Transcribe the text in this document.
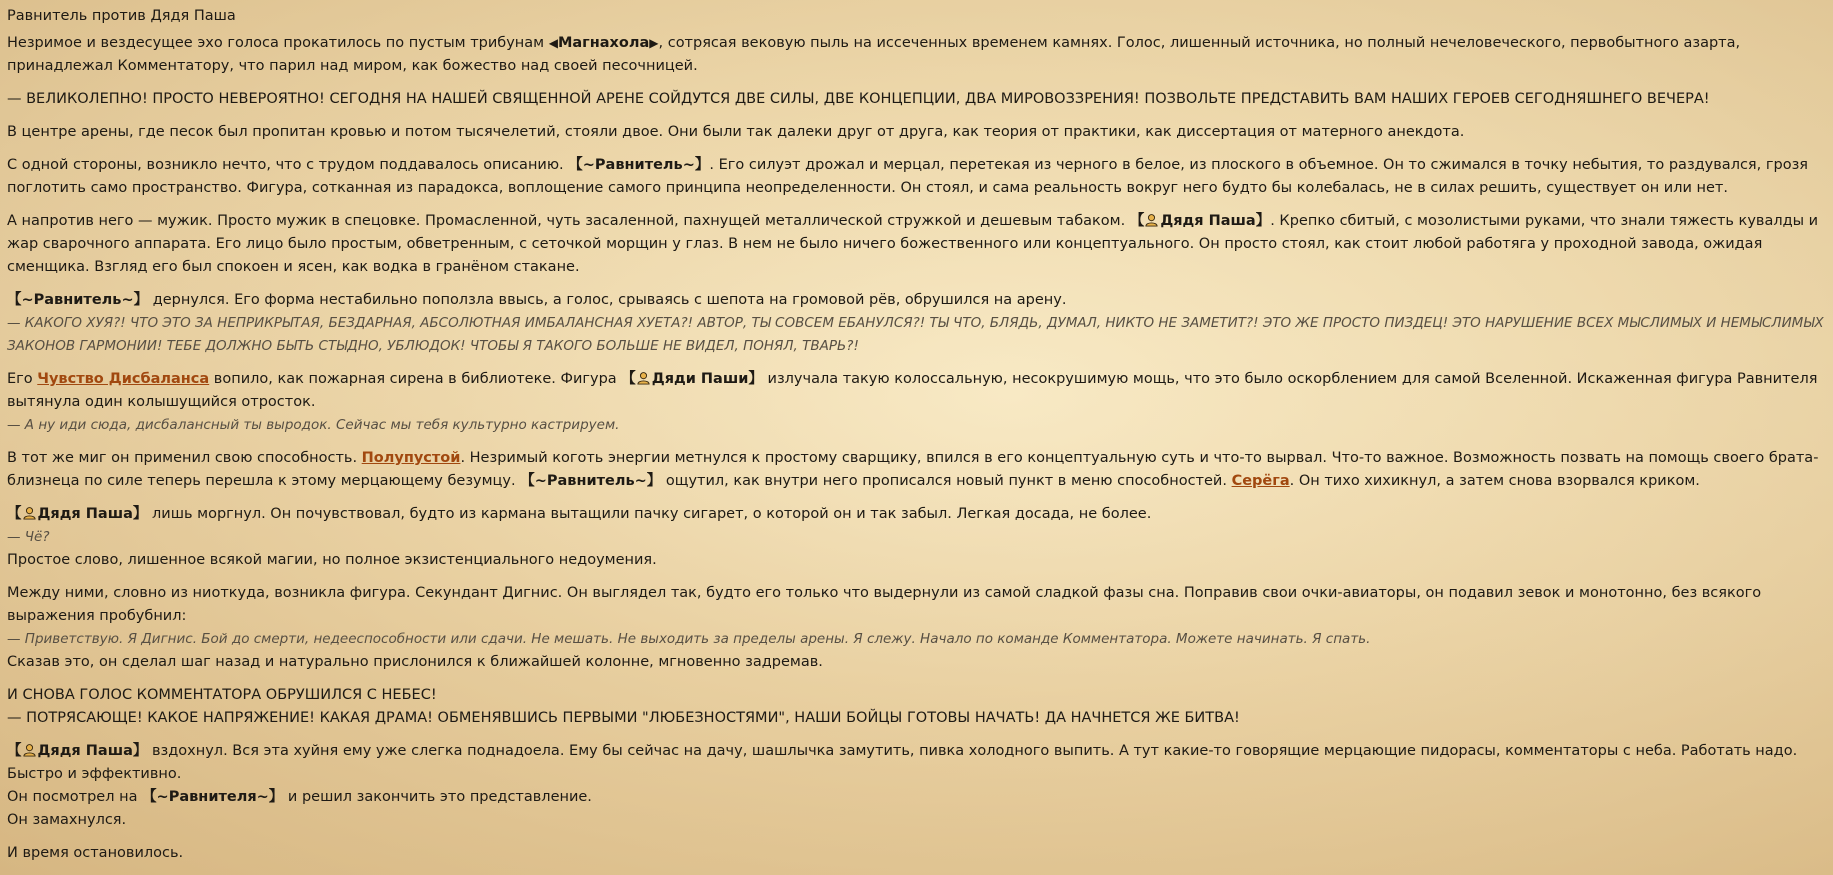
Равнитель против Дядя Паша

Незримое и вездесущее эхо голоса прокатилось по пустым трибунам ◀Магнахола▶, сотрясая вековую пыль на иссеченных временем камнях. Голос, лишенный источника, но полный нечеловеческого, первобытного азарта, принадлежал Комментатору, что парил над миром, как божество над своей песочницей.

— ВЕЛИКОЛЕПНО! ПРОСТО НЕВЕРОЯТНО! СЕГОДНЯ НА НАШЕЙ СВЯЩЕННОЙ АРЕНЕ СОЙДУТСЯ ДВЕ СИЛЫ, ДВЕ КОНЦЕПЦИИ, ДВА МИРОВОЗЗРЕНИЯ! ПОЗВОЛЬТЕ ПРЕДСТАВИТЬ ВАМ НАШИХ ГЕРОЕВ СЕГОДНЯШНЕГО ВЕЧЕРА!

В центре арены, где песок был пропитан кровью и потом тысячелетий, стояли двое. Они были так далеки друг от друга, как теория от практики, как диссертация от матерного анекдота.

С одной стороны, возникло нечто, что с трудом поддавалось описанию. 【~Равнитель~】. Его силуэт дрожал и мерцал, перетекая из черного в белое, из плоского в объемное. Он то сжимался в точку небытия, то раздувался, грозя поглотить само пространство. Фигура, сотканная из парадокса, воплощение самого принципа неопределенности. Он стоял, и сама реальность вокруг него будто бы колебалась, не в силах решить, существует он или нет.

А напротив него — мужик. Просто мужик в спецовке. Промасленной, чуть засаленной, пахнущей металлической стружкой и дешевым табаком. 【 Дядя Паша】. Крепко сбитый, с мозолистыми руками, что знали тяжесть кувалды и жар сварочного аппарата. Его лицо было простым, обветренным, с сеточкой морщин у глаз. В нем не было ничего божественного или концептуального. Он просто стоял, как стоит любой работяга у проходной завода, ожидая сменщика. Взгляд его был спокоен и ясен, как водка в гранёном стакане.

【~Равнитель~】 дернулся. Его форма нестабильно поползла ввысь, а голос, срываясь с шепота на громовой рёв, обрушился на арену.

— КАКОГО ХУЯ?! ЧТО ЭТО ЗА НЕПРИКРЫТАЯ, БЕЗДАРНАЯ, АБСОЛЮТНАЯ ИМБАЛАНСНАЯ ХУЕТА?! АВТОР, ТЫ СОВСЕМ ЕБАНУЛСЯ?! ТЫ ЧТО, БЛЯДЬ, ДУМАЛ, НИКТО НЕ ЗАМЕТИТ?! ЭТО ЖЕ ПРОСТО ПИЗДЕЦ! ЭТО НАРУШЕНИЕ ВСЕХ МЫСЛИМЫХ И НЕМЫСЛИМЫХ ЗАКОНОВ ГАРМОНИИ! ТЕБЕ ДОЛЖНО БЫТЬ СТЫДНО, УБЛЮДОК! ЧТОБЫ Я ТАКОГО БОЛЬШЕ НЕ ВИДЕЛ, ПОНЯЛ, ТВАРЬ?!

Его Чувство Дисбаланса вопило, как пожарная сирена в библиотеке. Фигура 【 Дяди Паши】 излучала такую колоссальную, несокрушимую мощь, что это было оскорблением для самой Вселенной. Искаженная фигура Равнителя вытянула один колышущийся отросток.

— А ну иди сюда, дисбалансный ты выродок. Сейчас мы тебя культурно кастрируем.

В тот же миг он применил свою способность. Полупустой. Незримый коготь энергии метнулся к простому сварщику, впился в его концептуальную суть и что-то вырвал. Что-то важное. Возможность позвать на помощь своего брата-близнеца по силе теперь перешла к этому мерцающему безумцу. 【~Равнитель~】 ощутил, как внутри него прописался новый пункт в меню способностей. Серёга. Он тихо хихикнул, а затем снова взорвался криком.

【 Дядя Паша】 лишь моргнул. Он почувствовал, будто из кармана вытащили пачку сигарет, о которой он и так забыл. Легкая досада, не более.

— Чё?

Простое слово, лишенное всякой магии, но полное экзистенциального недоумения.

Между ними, словно из ниоткуда, возникла фигура. Секундант Дигнис. Он выглядел так, будто его только что выдернули из самой сладкой фазы сна. Поправив свои очки-авиаторы, он подавил зевок и монотонно, без всякого выражения пробубнил:

— Приветствую. Я Дигнис. Бой до смерти, недееспособности или сдачи. Не мешать. Не выходить за пределы арены. Я слежу. Начало по команде Комментатора. Можете начинать. Я спать.

Сказав это, он сделал шаг назад и натурально прислонился к ближайшей колонне, мгновенно задремав.

И СНОВА ГОЛОС КОММЕНТАТОРА ОБРУШИЛСЯ С НЕБЕС!

— ПОТРЯСАЮЩЕ! КАКОЕ НАПРЯЖЕНИЕ! КАКАЯ ДРАМА! ОБМЕНЯВШИСЬ ПЕРВЫМИ "ЛЮБЕЗНОСТЯМИ", НАШИ БОЙЦЫ ГОТОВЫ НАЧАТЬ! ДА НАЧНЕТСЯ ЖЕ БИТВА!

【 Дядя Паша】 вздохнул. Вся эта хуйня ему уже слегка поднадоела. Ему бы сейчас на дачу, шашлычка замутить, пивка холодного выпить. А тут какие-то говорящие мерцающие пидорасы, комментаторы с неба. Работать надо. Быстро и эффективно.

Он посмотрел на 【~Равнителя~】 и решил закончить это представление.

Он замахнулся.

И время остановилось.
